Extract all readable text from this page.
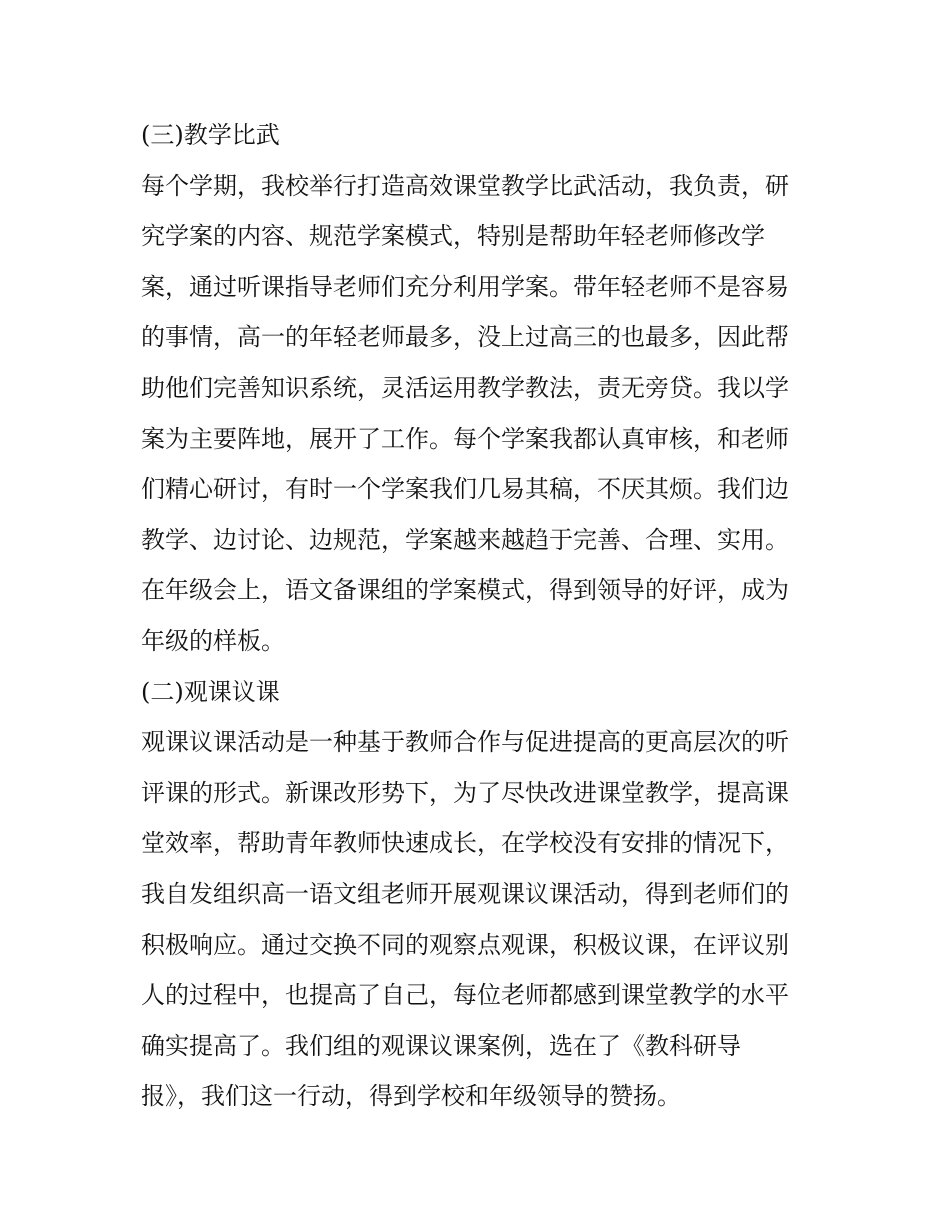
(三)教学比武
每个学期，我校举行打造高效课堂教学比武活动，我负责，研
究学案的内容、规范学案模式，特别是帮助年轻老师修改学
案，通过听课指导老师们充分利用学案。带年轻老师不是容易
的事情，高一的年轻老师最多，没上过高三的也最多，因此帮
助他们完善知识系统，灵活运用教学教法，责无旁贷。我以学
案为主要阵地，展开了工作。每个学案我都认真审核，和老师
们精心研讨，有时一个学案我们几易其稿，不厌其烦。我们边
教学、边讨论、边规范，学案越来越趋于完善、合理、实用。
在年级会上，语文备课组的学案模式，得到领导的好评，成为
年级的样板。
(二)观课议课
观课议课活动是一种基于教师合作与促进提高的更高层次的听
评课的形式。新课改形势下，为了尽快改进课堂教学，提高课
堂效率，帮助青年教师快速成长，在学校没有安排的情况下，
我自发组织高一语文组老师开展观课议课活动，得到老师们的
积极响应。通过交换不同的观察点观课，积极议课，在评议别
人的过程中，也提高了自己，每位老师都感到课堂教学的水平
确实提高了。我们组的观课议课案例，选在了《教科研导
报》，我们这一行动，得到学校和年级领导的赞扬。
